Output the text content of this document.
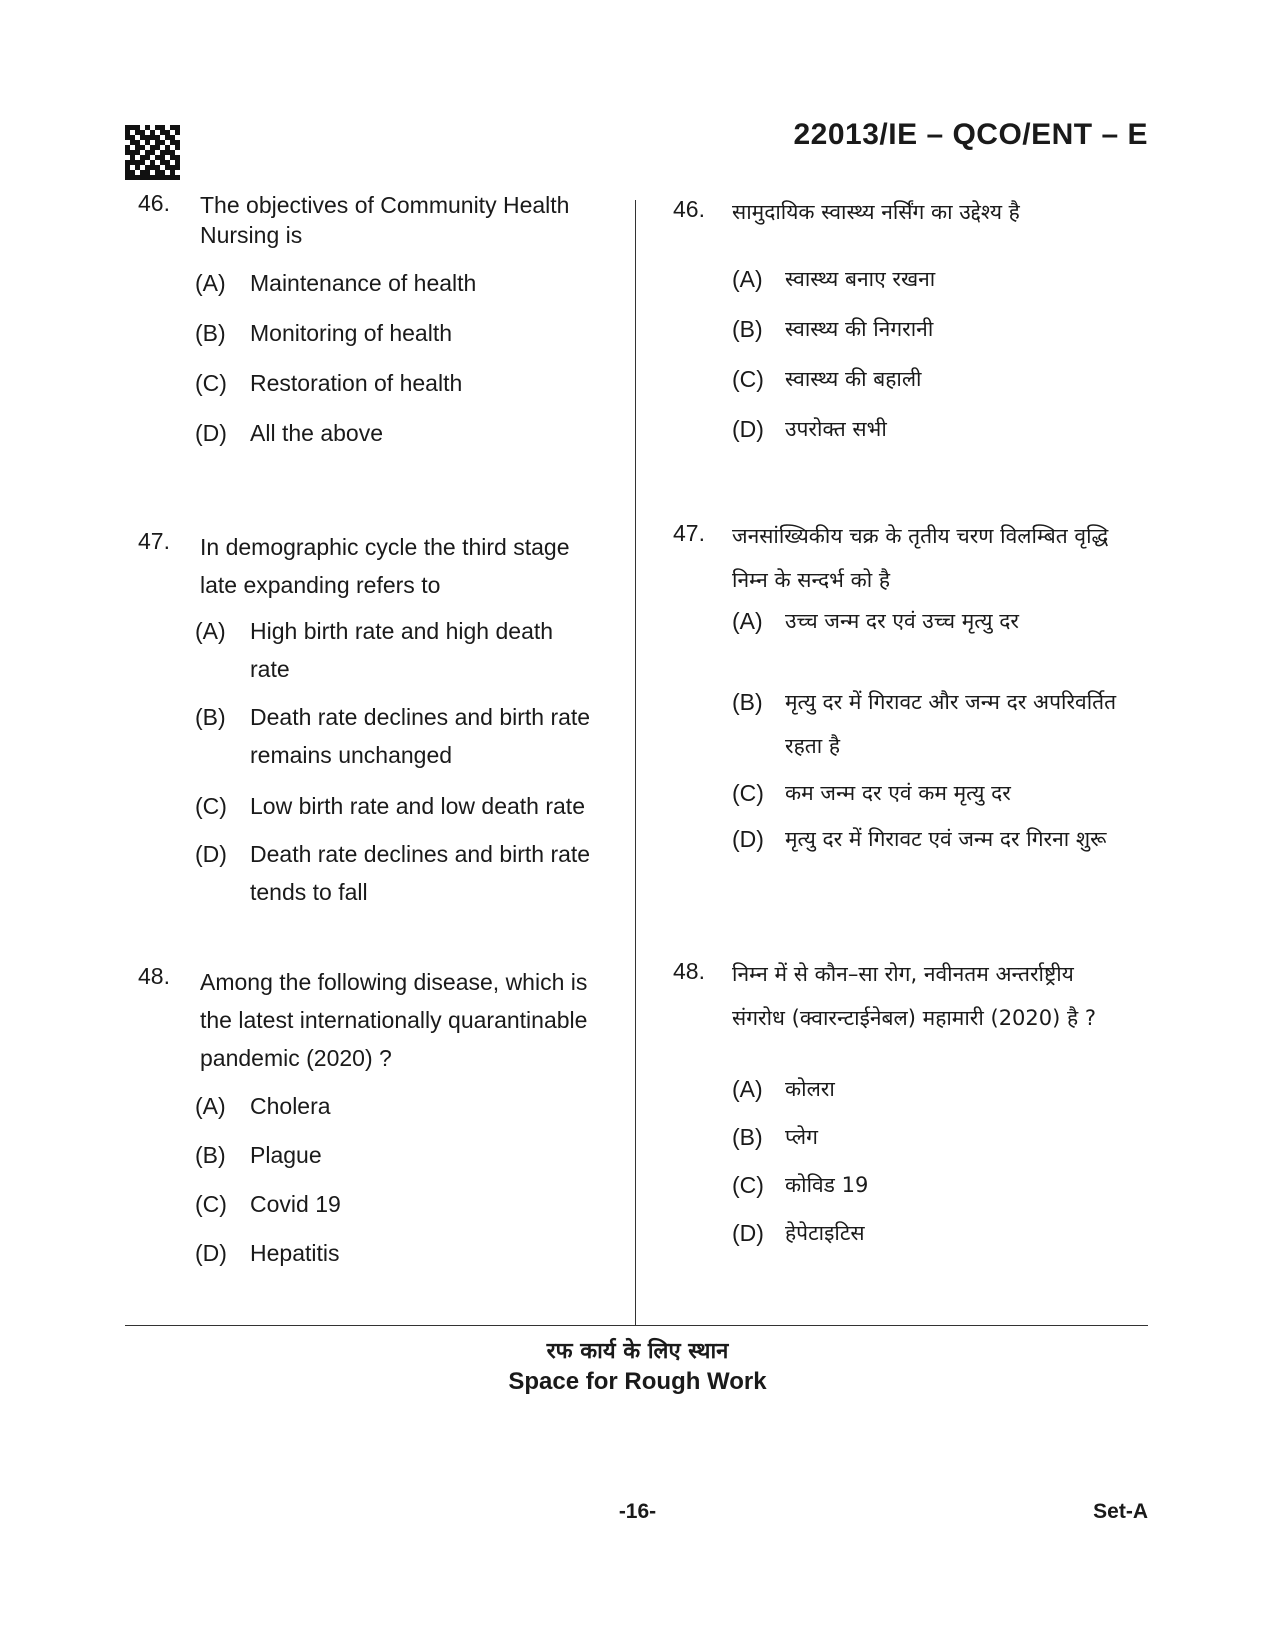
22013/IE – QCO/ENT – E
46. The objectives of Community Health
Nursing is
(A) Maintenance of health
(B) Monitoring of health
(C) Restoration of health
(D) All the above
47. In demographic cycle the third stage
late expanding refers to
(A) High birth rate and high death
rate
(B) Death rate declines and birth rate
remains unchanged
(C) Low birth rate and low death rate
(D) Death rate declines and birth rate
tends to fall
48. Among the following disease, which is
the latest internationally quarantinable
pandemic (2020) ?
(A) Cholera
(B) Plague
(C) Covid 19
(D) Hepatitis
46. सामुदायिक स्वास्थ्य नर्सिंग का उद्देश्य है
(A) स्वास्थ्य बनाए रखना
(B) स्वास्थ्य की निगरानी
(C) स्वास्थ्य की बहाली
(D) उपरोक्त सभी
47. जनसांख्यिकीय चक्र के तृतीय चरण विलम्बित वृद्धि
निम्न के सन्दर्भ को है
(A) उच्च जन्म दर एवं उच्च मृत्यु दर
(B) मृत्यु दर में गिरावट और जन्म दर अपरिवर्तित
रहता है
(C) कम जन्म दर एवं कम मृत्यु दर
(D) मृत्यु दर में गिरावट एवं जन्म दर गिरना शुरू
48. निम्न में से कौन–सा रोग, नवीनतम अन्तर्राष्ट्रीय
संगरोध (क्वारन्टाईनेबल) महामारी (2020) है ?
(A) कोलरा
(B) प्लेग
(C) कोविड 19
(D) हेपेटाइटिस
रफ कार्य के लिए स्थान
Space for Rough Work
-16-	Set-A
